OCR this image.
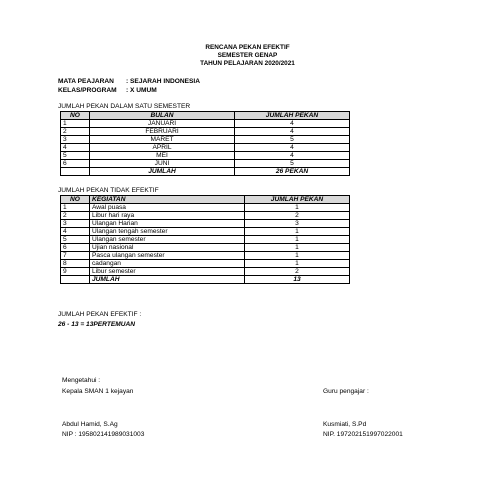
RENCANA PEKAN EFEKTIF
SEMESTER GENAP
TAHUN PELAJARAN 2020/2021
MATA PEAJARAN : SEJARAH INDONESIA
KELAS/PROGRAM : X UMUM
JUMLAH PEKAN DALAM SATU SEMESTER
NO	BULAN	JUMLAH PEKAN
1	JANUARI	4
2	FEBRUARI	4
3	MARET	5
4	APRIL	4
5	MEI	4
6	JUNI	5
	JUMLAH	26 PEKAN
JUMLAH PEKAN TIDAK EFEKTIF
NO	KEGIATAN	JUMLAH PEKAN
1	Awal puasa	1
2	Libur hari raya	2
3	Ulangan Harian	3
4	Ulangan tengah semester	1
5	Ulangan semester	1
6	Ujian nasional	1
7	Pasca ulangan semester	1
8	cadangan	1
9	Libur semester	2
	JUMLAH	13
JUMLAH PEKAN EFEKTIF :
26 - 13 = 13PERTEMUAN
Mengetahui :
Kepala SMAN 1 kejayan	Guru pengajar :
Abdul Hamid, S.Ag
NIP : 195802141989031003
Kusmiati, S.Pd
NIP. 197202151997022001
